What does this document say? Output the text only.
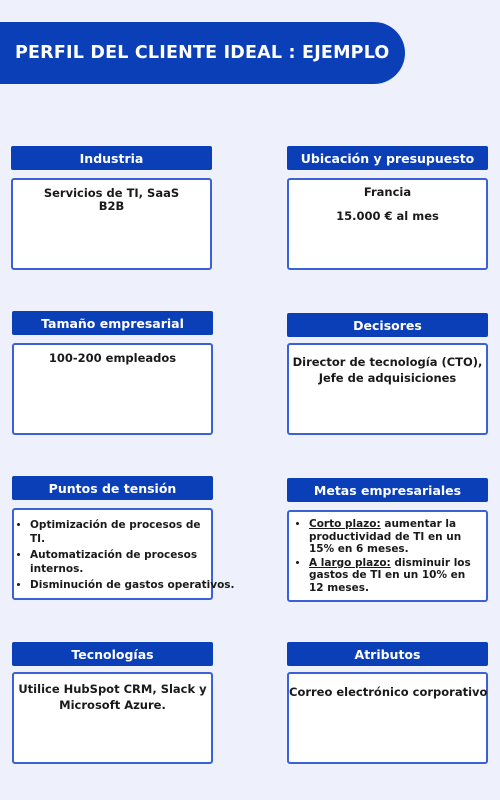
PERFIL DEL CLIENTE IDEAL : EJEMPLO
Industria
Servicios de TI, SaaS
B2B
Ubicación y presupuesto
Francia
15.000 € al mes
Tamaño empresarial
100-200 empleados
Decisores
Director de tecnología (CTO),
Jefe de adquisiciones
Puntos de tensión
• Optimización de procesos de TI.
• Automatización de procesos internos.
• Disminución de gastos operativos.
Metas empresariales
• Corto plazo: aumentar la productividad de TI en un 15% en 6 meses.
• A largo plazo: disminuir los gastos de TI en un 10% en 12 meses.
Tecnologías
Utilice HubSpot CRM, Slack y
Microsoft Azure.
Atributos
Correo electrónico corporativo
